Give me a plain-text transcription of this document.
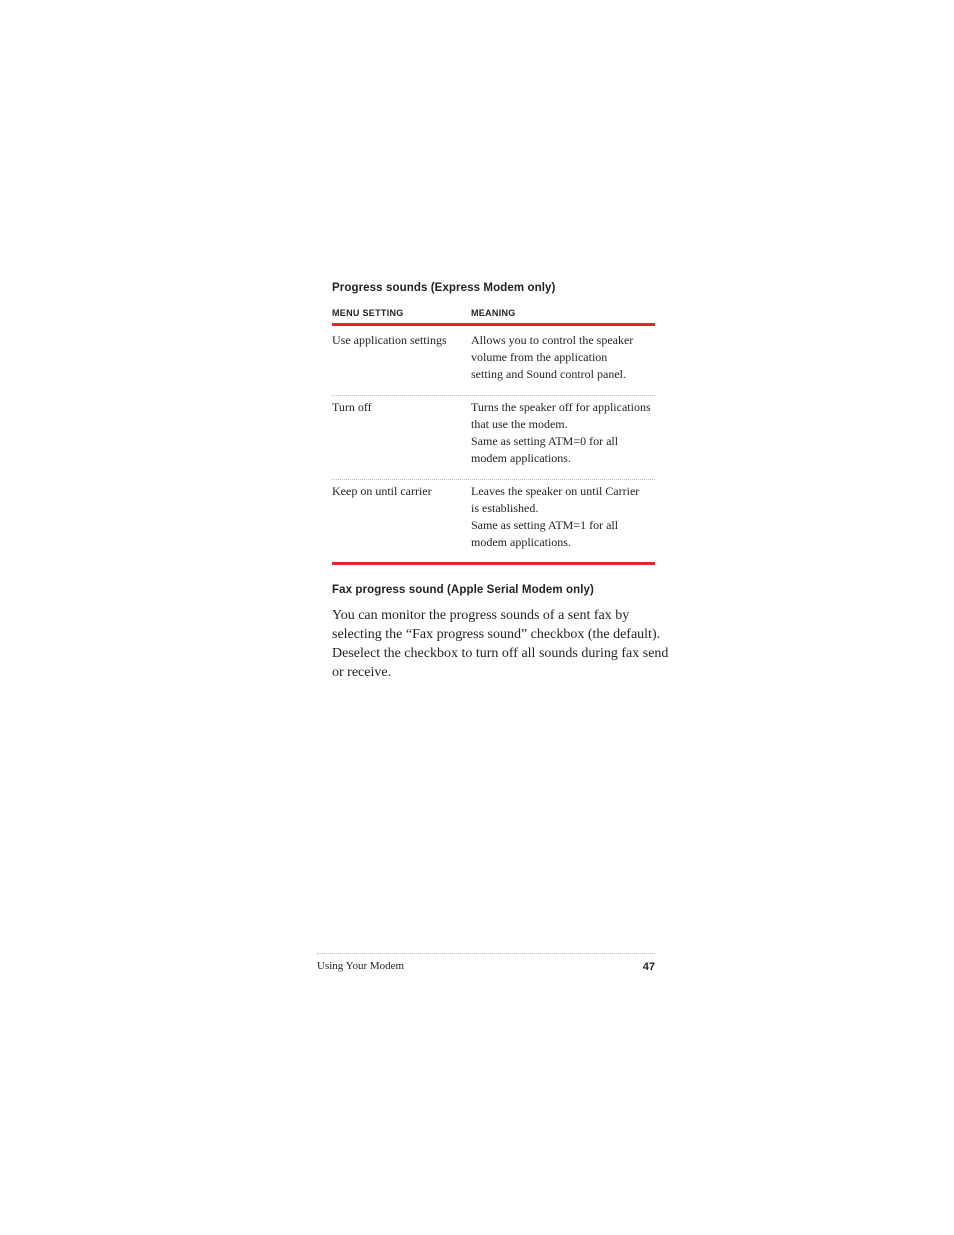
Progress sounds (Express Modem only)
MENU SETTING	MEANING
Use application settings	Allows you to control the speaker
volume from the application
setting and Sound control panel.
Turn off	Turns the speaker off for applications
that use the modem.
Same as setting ATM=0 for all
modem applications.
Keep on until carrier	Leaves the speaker on until Carrier
is established.
Same as setting ATM=1 for all
modem applications.
Fax progress sound (Apple Serial Modem only)
You can monitor the progress sounds of a sent fax by
selecting the “Fax progress sound” checkbox (the default).
Deselect the checkbox to turn off all sounds during fax send
or receive.
Using Your Modem	47
